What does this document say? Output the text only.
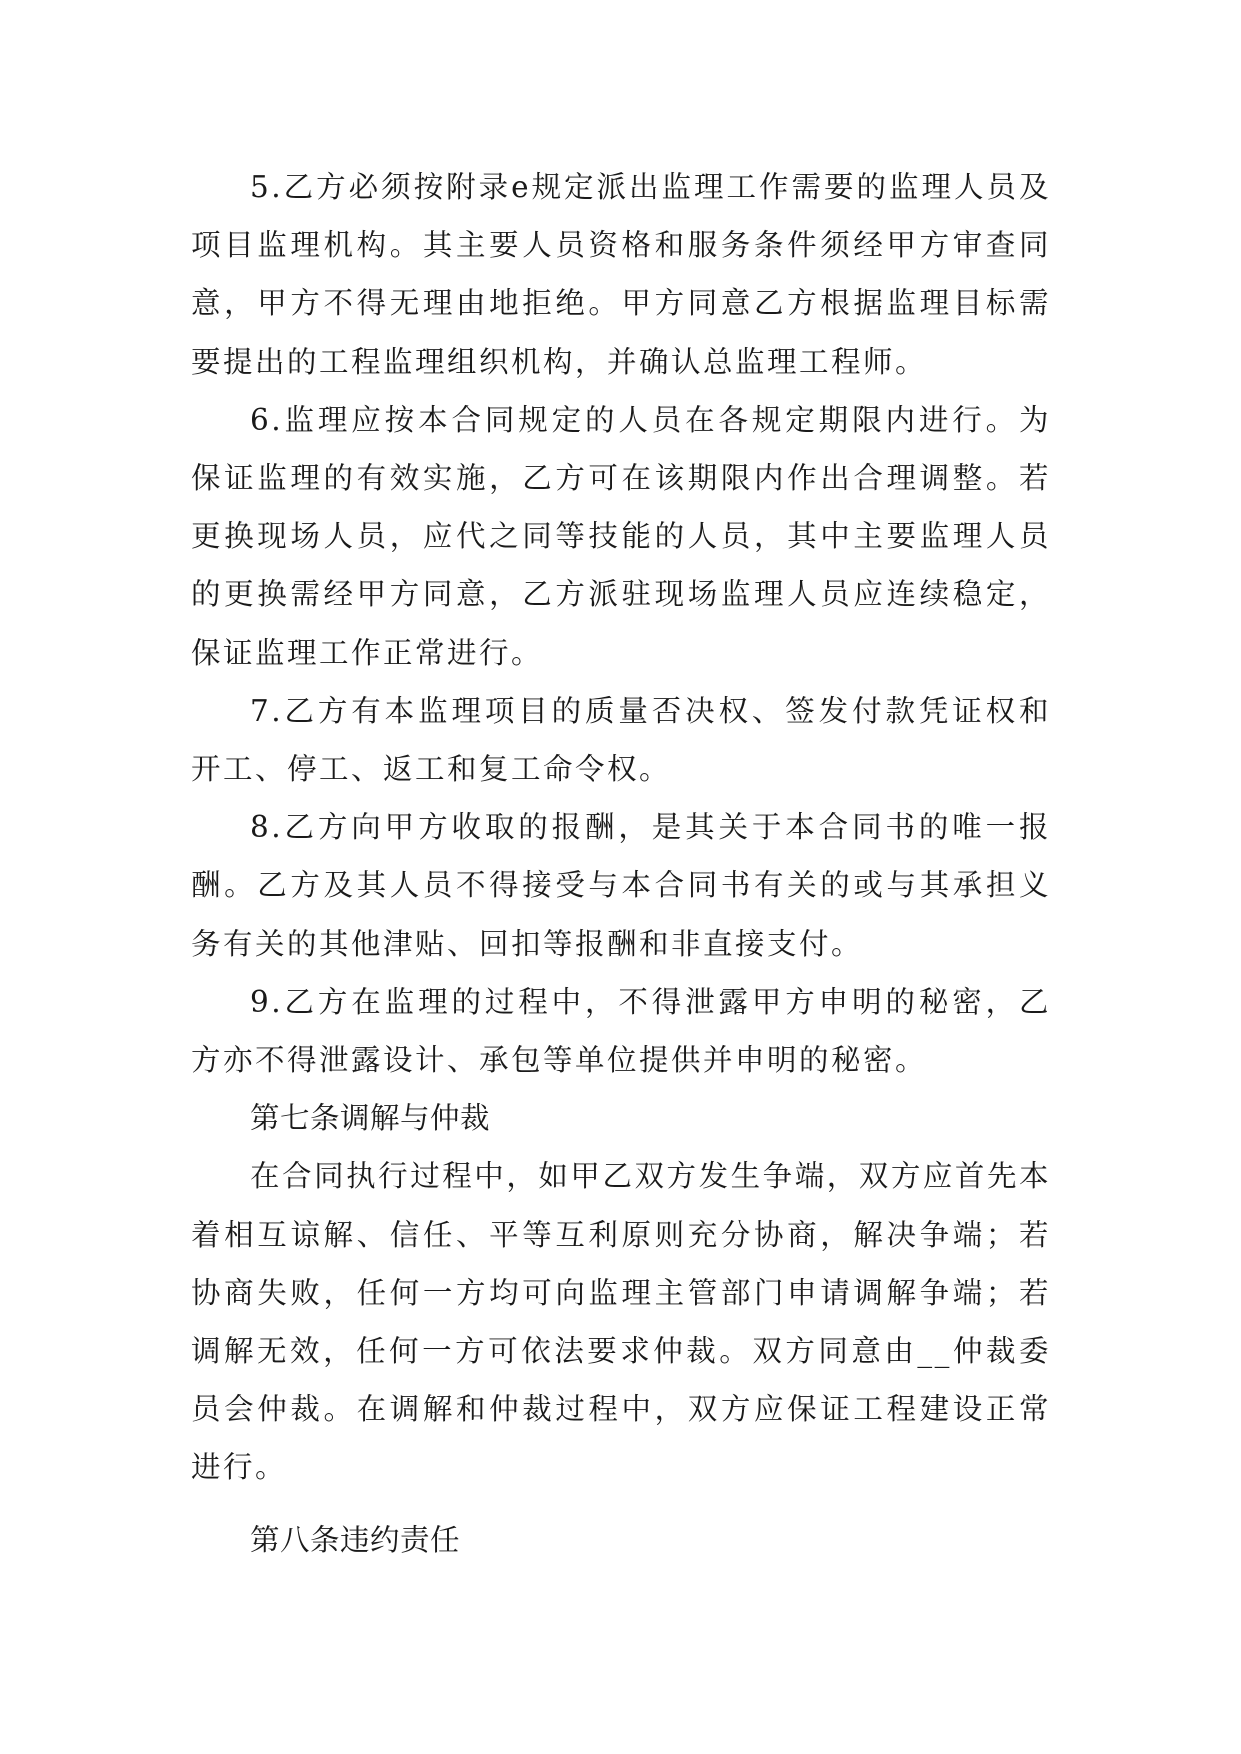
5.乙方必须按附录e规定派出监理工作需要的监理人员及项目监理机构。其主要人员资格和服务条件须经甲方审查同意，甲方不得无理由地拒绝。甲方同意乙方根据监理目标需要提出的工程监理组织机构，并确认总监理工程师。

6.监理应按本合同规定的人员在各规定期限内进行。为保证监理的有效实施，乙方可在该期限内作出合理调整。若更换现场人员，应代之同等技能的人员，其中主要监理人员的更换需经甲方同意，乙方派驻现场监理人员应连续稳定，保证监理工作正常进行。

7.乙方有本监理项目的质量否决权、签发付款凭证权和开工、停工、返工和复工命令权。

8.乙方向甲方收取的报酬，是其关于本合同书的唯一报酬。乙方及其人员不得接受与本合同书有关的或与其承担义务有关的其他津贴、回扣等报酬和非直接支付。

9.乙方在监理的过程中，不得泄露甲方申明的秘密，乙方亦不得泄露设计、承包等单位提供并申明的秘密。

第七条调解与仲裁

在合同执行过程中，如甲乙双方发生争端，双方应首先本着相互谅解、信任、平等互利原则充分协商，解决争端；若协商失败，任何一方均可向监理主管部门申请调解争端；若调解无效，任何一方可依法要求仲裁。双方同意由__仲裁委员会仲裁。在调解和仲裁过程中，双方应保证工程建设正常进行。

第八条违约责任
